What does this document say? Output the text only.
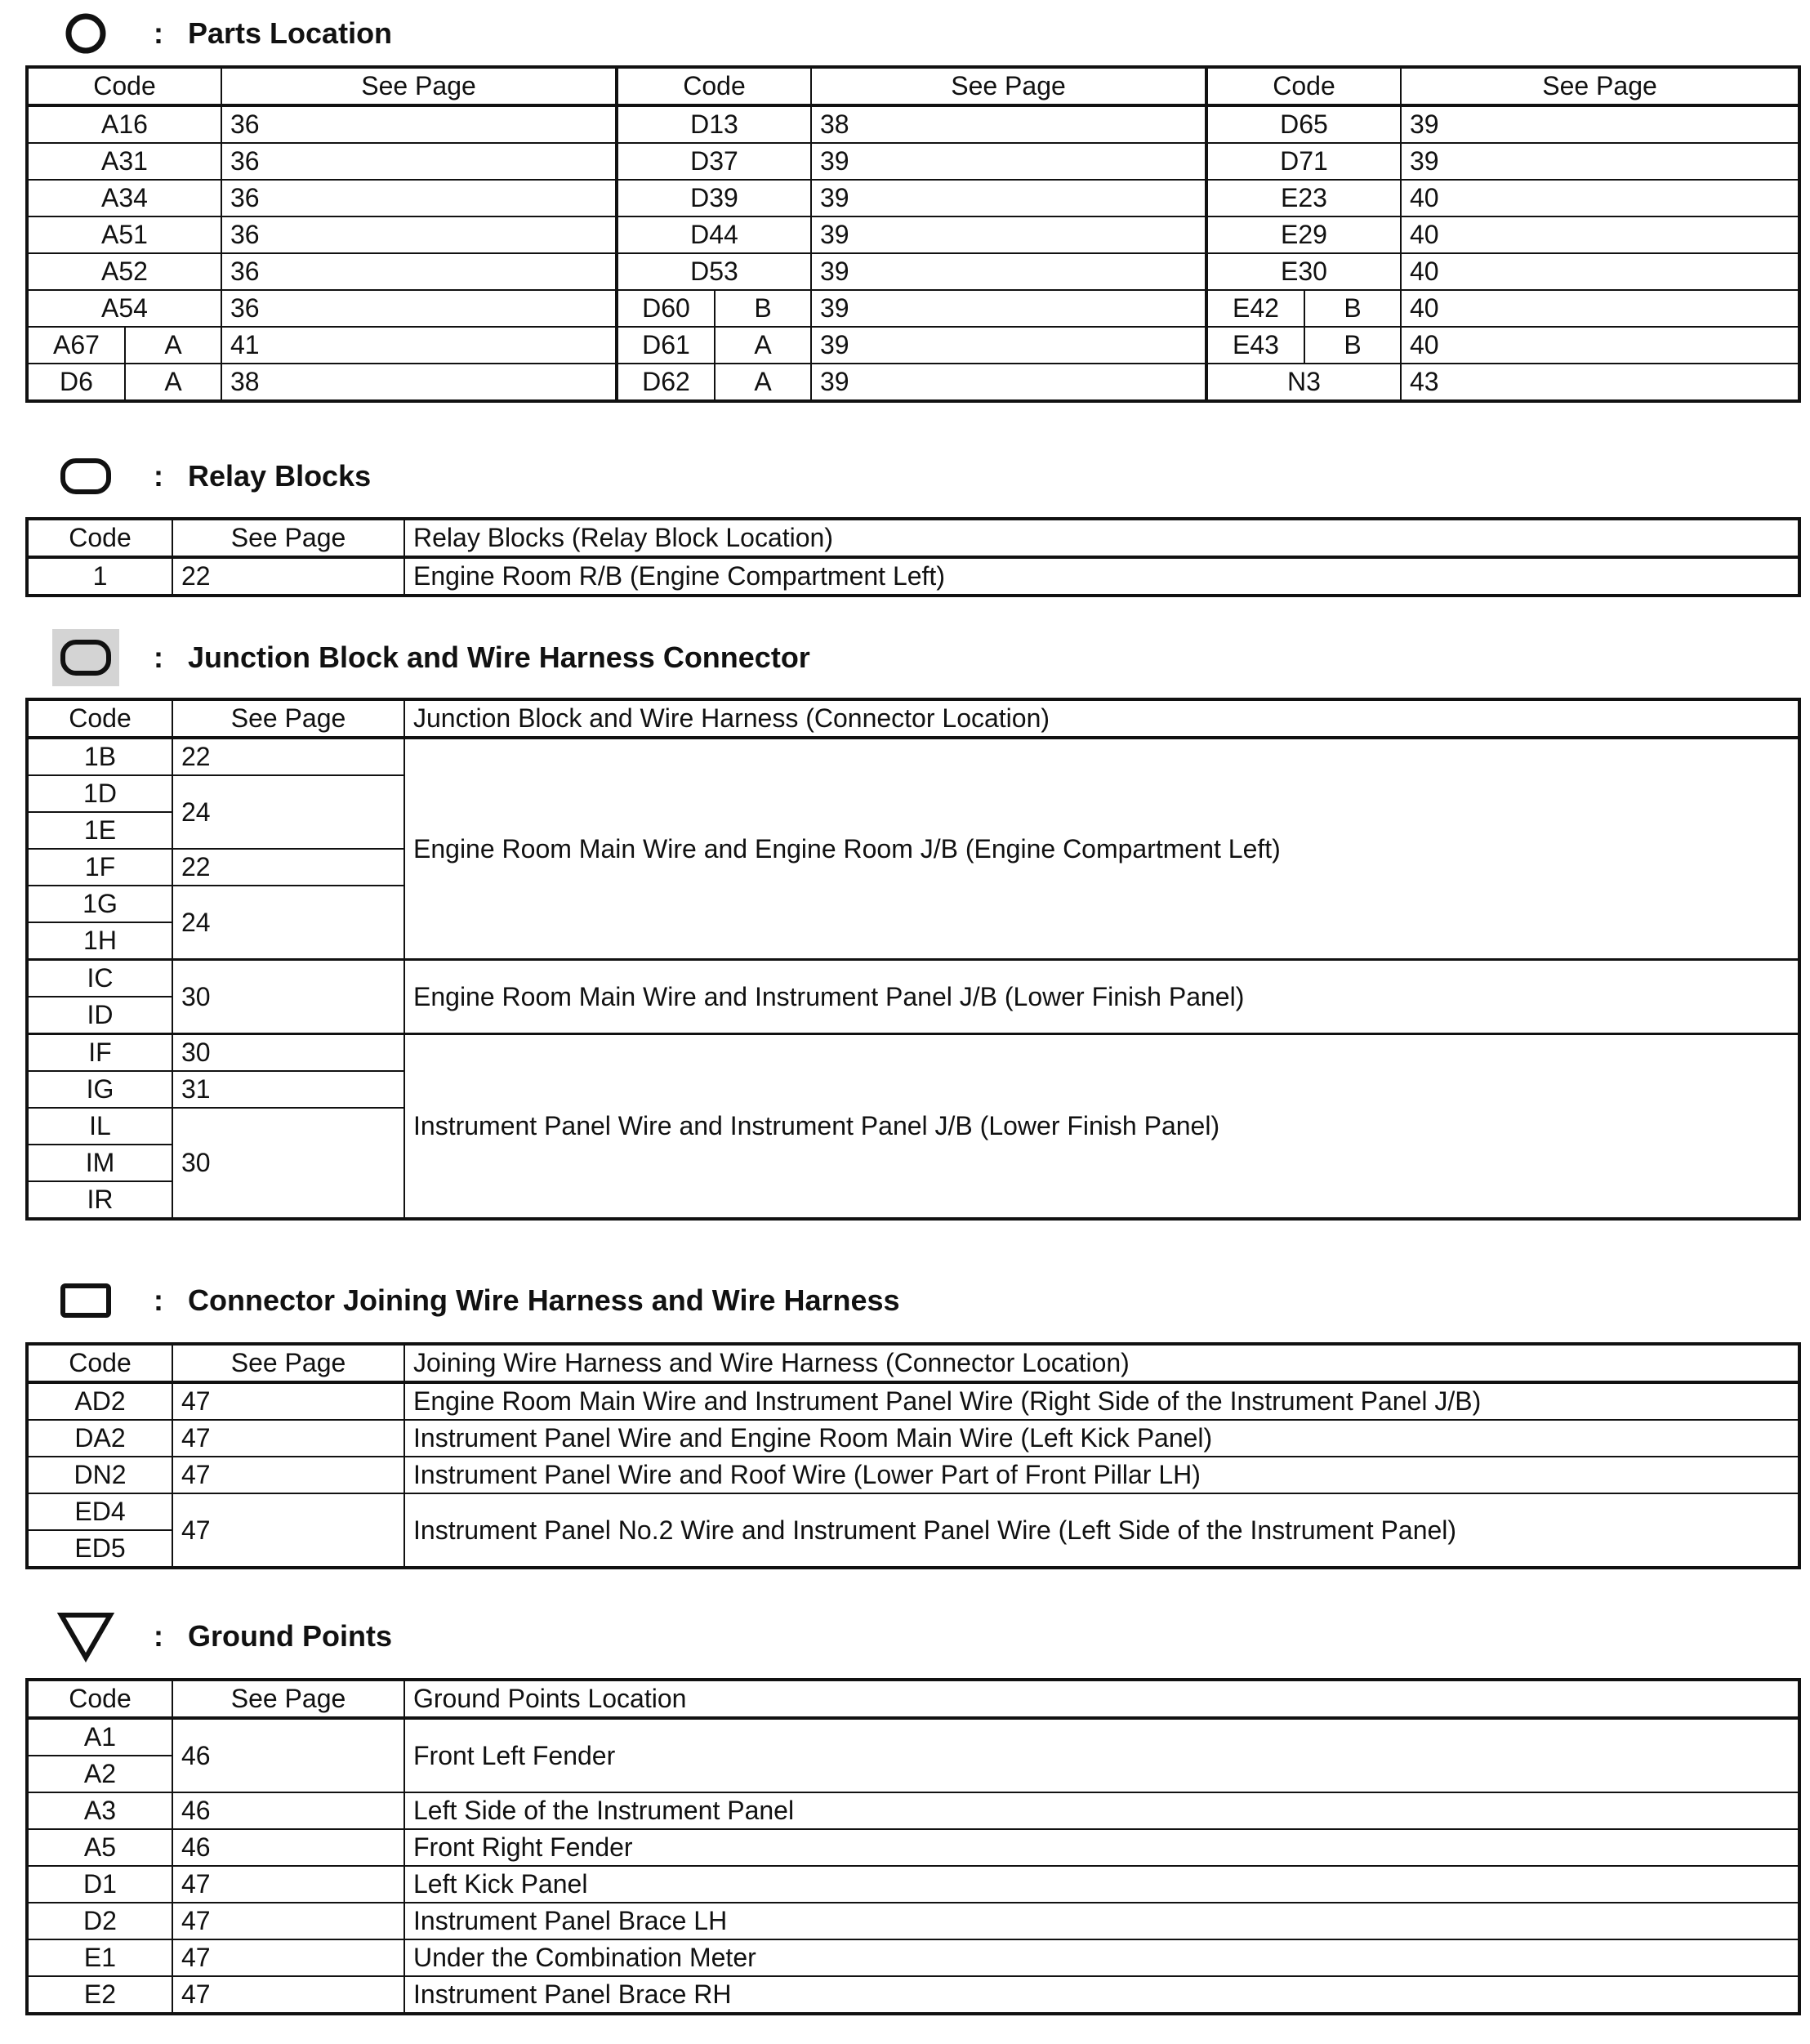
: Parts Location
Code		See Page	Code		See Page	Code		See Page
A16		36	D13		38	D65		39
A31		36	D37		39	D71		39
A34		36	D39		39	E23		40
A51		36	D44		39	E29		40
A52		36	D53		39	E30		40
A54		36	D60	B	39	E42	B	40
A67	A	41	D61	A	39	E43	B	40
D6	A	38	D62	A	39	N3		43
: Relay Blocks
Code	See Page	Relay Blocks (Relay Block Location)
1	22	Engine Room R/B (Engine Compartment Left)
: Junction Block and Wire Harness Connector
Code	See Page	Junction Block and Wire Harness (Connector Location)
1B	22	Engine Room Main Wire and Engine Room J/B (Engine Compartment Left)
1D	24	
1E		
1F	22	
1G	24	
1H		
IC	30	Engine Room Main Wire and Instrument Panel J/B (Lower Finish Panel)
ID		
IF	30	Instrument Panel Wire and Instrument Panel J/B (Lower Finish Panel)
IG	31	
IL	30	
IM		
IR		
: Connector Joining Wire Harness and Wire Harness
Code	See Page	Joining Wire Harness and Wire Harness (Connector Location)
AD2	47	Engine Room Main Wire and Instrument Panel Wire (Right Side of the Instrument Panel J/B)
DA2	47	Instrument Panel Wire and Engine Room Main Wire (Left Kick Panel)
DN2	47	Instrument Panel Wire and Roof Wire (Lower Part of Front Pillar LH)
ED4	47	Instrument Panel No.2 Wire and Instrument Panel Wire (Left Side of the Instrument Panel)
ED5		
: Ground Points
Code	See Page	Ground Points Location
A1	46	Front Left Fender
A2		
A3	46	Left Side of the Instrument Panel
A5	46	Front Right Fender
D1	47	Left Kick Panel
D2	47	Instrument Panel Brace LH
E1	47	Under the Combination Meter
E2	47	Instrument Panel Brace RH
